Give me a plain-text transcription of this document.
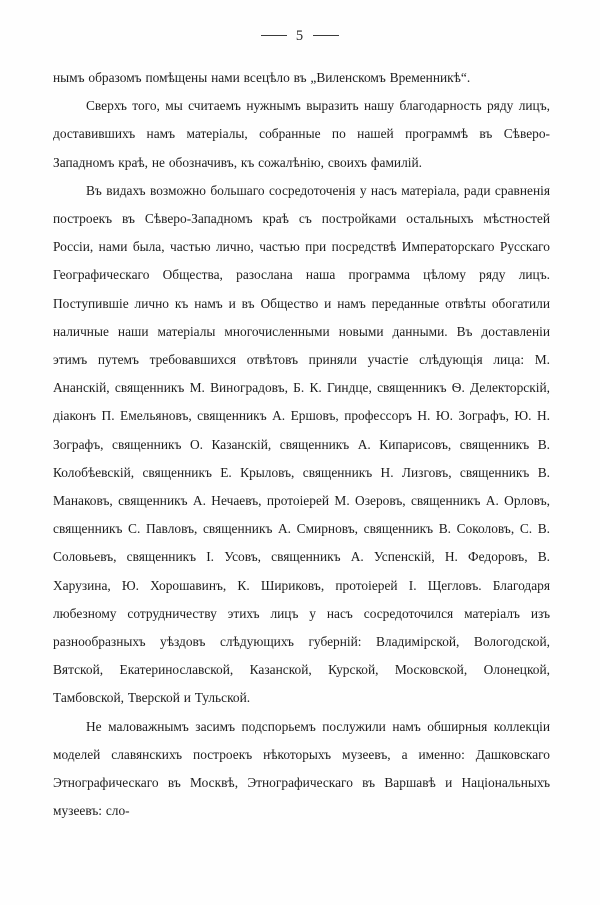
5

нымъ образомъ помѣщены нами всецѣло въ „Виленскомъ Временникѣ“.

Сверхъ того, мы считаемъ нужнымъ выразить нашу благодарность ряду лицъ, доставившихъ намъ матеріалы, собранные по нашей программѣ въ Сѣверо-Западномъ краѣ, не обозначивъ, къ сожалѣнію, своихъ фамилій.

Въ видахъ возможно большаго сосредоточенія у насъ матеріала, ради сравненія построекъ въ Сѣверо-Западномъ краѣ съ постройками остальныхъ мѣстностей Россіи, нами была, частью лично, частью при посредствѣ Императорскаго Русскаго Географическаго Общества, разослана наша программа цѣлому ряду лицъ. Поступившіе лично къ намъ и въ Общество и намъ переданные отвѣты обогатили наличные наши матеріалы многочисленными новыми данными. Въ доставленіи этимъ путемъ требовавшихся отвѣтовъ приняли участіе слѣдующія лица: М. Ананскій, священникъ М. Виноградовъ, Б. К. Гиндце, священникъ Ѳ. Делекторскій, діаконъ П. Емельяновъ, священникъ А. Ершовъ, профессоръ Н. Ю. Зографъ, Ю. Н. Зографъ, священникъ О. Казанскій, священникъ А. Кипарисовъ, священникъ В. Колобѣевскій, священникъ Е. Крыловъ, священникъ Н. Лизговъ, священникъ В. Манаковъ, священникъ А. Нечаевъ, протоіерей М. Озеровъ, священникъ А. Орловъ, священникъ С. Павловъ, священникъ А. Смирновъ, священникъ В. Соколовъ, С. В. Соловьевъ, священникъ І. Усовъ, священникъ А. Успенскій, Н. Федоровъ, В. Харузина, Ю. Хорошавинъ, К. Шириковъ, протоіерей І. Щегловъ. Благодаря любезному сотрудничеству этихъ лицъ у насъ сосредоточился матеріалъ изъ разнообразныхъ уѣздовъ слѣдующихъ губерній: Владимірской, Вологодской, Вятской, Екатеринославской, Казанской, Курской, Московской, Олонецкой, Тамбовской, Тверской и Тульской.

Не маловажнымъ засимъ подспорьемъ послужили намъ обширныя коллекціи моделей славянскихъ построекъ нѣкоторыхъ музеевъ, а именно: Дашковскаго Этнографическаго въ Москвѣ, Этнографическаго въ Варшавѣ и Національныхъ музеевъ: сло-
